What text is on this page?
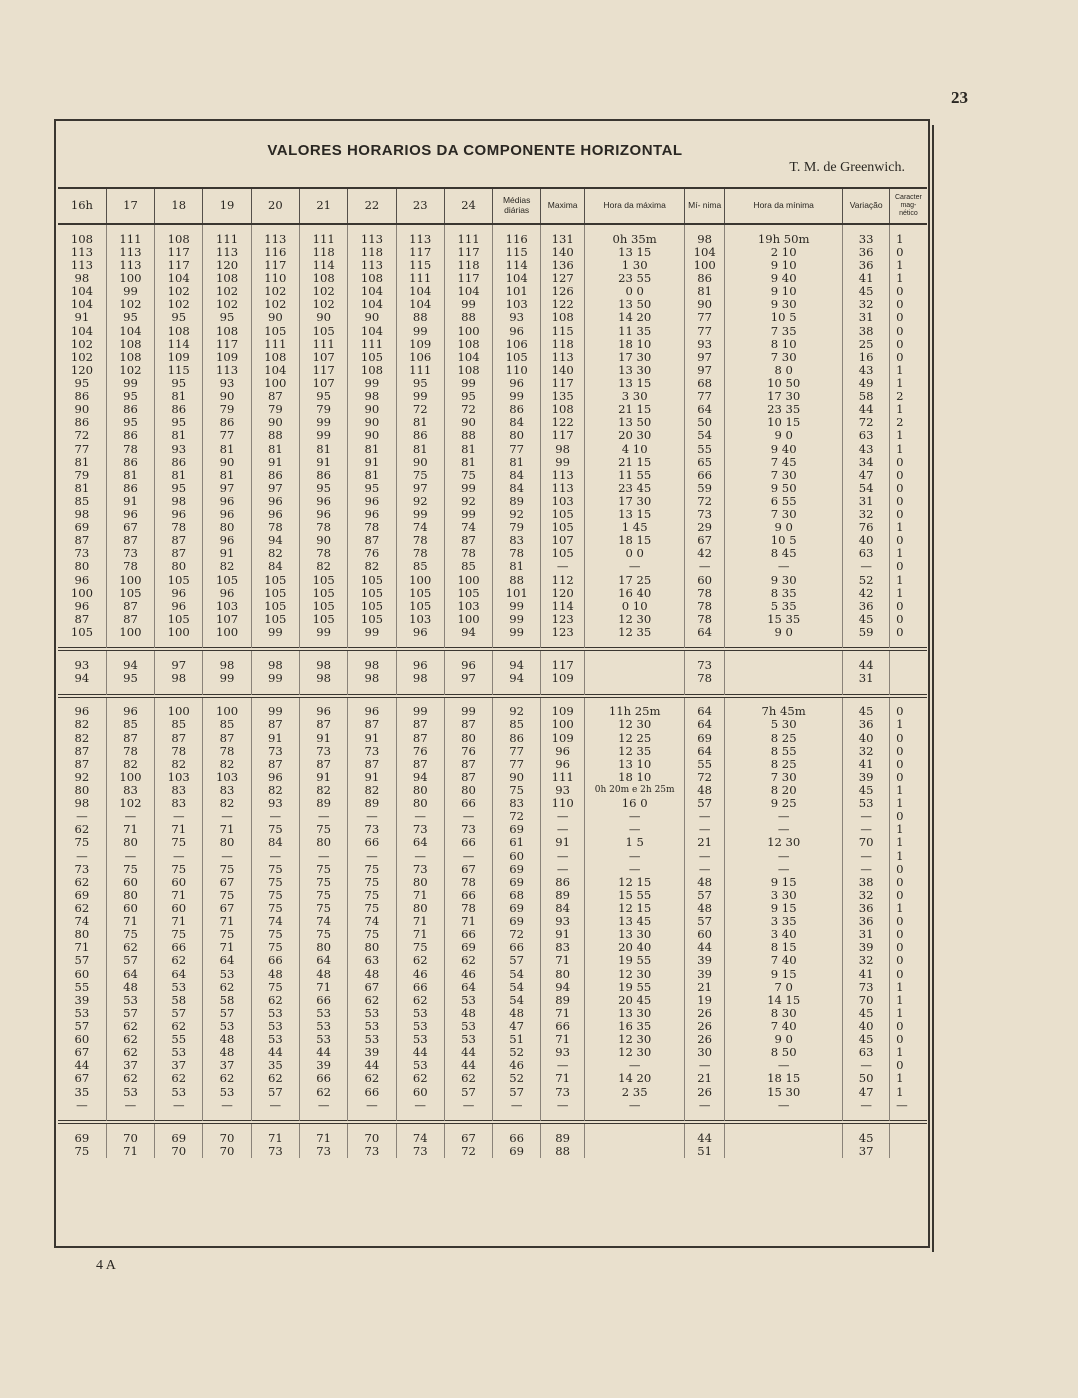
23
VALORES HORARIOS DA COMPONENTE HORIZONTAL
T. M. de Greenwich.
16h	17	18	19	20	21	22	23	24	Médias diárias	Maxima	Hora da máxima	Mí- nima	Hora da mínima	Variação	Caracter mag- nético

108	111	108	111	113	111	113	113	111	116	131	0h 35m	98	19h 50m	33	1
113	113	117	113	116	118	118	117	117	115	140	13 15	104	2 10	36	0
113	113	117	120	117	114	113	115	118	114	136	1 30	100	9 10	36	1
98	100	104	108	110	108	108	111	117	104	127	23 55	86	9 40	41	1
104	99	102	102	102	102	104	104	104	101	126	0 0	81	9 10	45	0
104	102	102	102	102	102	104	104	99	103	122	13 50	90	9 30	32	0
91	95	95	95	90	90	90	88	88	93	108	14 20	77	10 5	31	0
104	104	108	108	105	105	104	99	100	96	115	11 35	77	7 35	38	0
102	108	114	117	111	111	111	109	108	106	118	18 10	93	8 10	25	0
102	108	109	109	108	107	105	106	104	105	113	17 30	97	7 30	16	0
120	102	115	113	104	117	108	111	108	110	140	13 30	97	8 0	43	1
95	99	95	93	100	107	99	95	99	96	117	13 15	68	10 50	49	1
86	95	81	90	87	95	98	99	95	99	135	3 30	77	17 30	58	2
90	86	86	79	79	79	90	72	72	86	108	21 15	64	23 35	44	1
86	95	95	86	90	99	90	81	90	84	122	13 50	50	10 15	72	2
72	86	81	77	88	99	90	86	88	80	117	20 30	54	9 0	63	1
77	78	93	81	81	81	81	81	81	77	98	4 10	55	9 40	43	1
81	86	86	90	91	91	91	90	81	81	99	21 15	65	7 45	34	0
79	81	81	81	86	86	81	75	75	84	113	11 55	66	7 30	47	0
81	86	95	97	97	95	95	97	99	84	113	23 45	59	9 50	54	0
85	91	98	96	96	96	96	92	92	89	103	17 30	72	6 55	31	0
98	96	96	96	96	96	96	99	99	92	105	13 15	73	7 30	32	0
69	67	78	80	78	78	78	74	74	79	105	1 45	29	9 0	76	1
87	87	87	96	94	90	87	78	87	83	107	18 15	67	10 5	40	0
73	73	87	91	82	78	76	78	78	78	105	0 0	42	8 45	63	1
80	78	80	82	84	82	82	85	85	81	—	—	—	—	—	0
96	100	105	105	105	105	105	100	100	88	112	17 25	60	9 30	52	1
100	105	96	96	105	105	105	105	105	101	120	16 40	78	8 35	42	1
96	87	96	103	105	105	105	105	103	99	114	0 10	78	5 35	36	0
87	87	105	107	105	105	105	103	100	99	123	12 30	78	15 35	45	0
105	100	100	100	99	99	99	96	94	99	123	12 35	64	9 0	59	0

93	94	97	98	98	98	98	96	96	94	117		73		44	
94	95	98	99	99	98	98	98	97	94	109		78		31	

96	96	100	100	99	96	96	99	99	92	109	11h 25m	64	7h 45m	45	0
82	85	85	85	87	87	87	87	87	85	100	12 30	64	5 30	36	1
82	87	87	87	91	91	91	87	80	86	109	12 25	69	8 25	40	0
87	78	78	78	73	73	73	76	76	77	96	12 35	64	8 55	32	0
87	82	82	82	87	87	87	87	87	77	96	13 10	55	8 25	41	0
92	100	103	103	96	91	91	94	87	90	111	18 10	72	7 30	39	0
80	83	83	83	82	82	82	80	80	75	93	0h 20m e 2h 25m	48	8 20	45	1
98	102	83	82	93	89	89	80	66	83	110	16 0	57	9 25	53	1
—	—	—	—	—	—	—	—	—	72	—	—	—	—	—	0
62	71	71	71	75	75	73	73	73	69	—	—	—	—	—	1
75	80	75	80	84	80	66	64	66	61	91	1 5	21	12 30	70	1
—	—	—	—	—	—	—	—	—	60	—	—	—	—	—	1
73	75	75	75	75	75	75	73	67	69	—	—	—	—	—	0
62	60	60	67	75	75	75	80	78	69	86	12 15	48	9 15	38	0
69	80	71	75	75	75	75	71	66	68	89	15 55	57	3 30	32	0
62	60	60	67	75	75	75	80	78	69	84	12 15	48	9 15	36	1
74	71	71	71	74	74	74	71	71	69	93	13 45	57	3 35	36	0
80	75	75	75	75	75	75	71	66	72	91	13 30	60	3 40	31	0
71	62	66	71	75	80	80	75	69	66	83	20 40	44	8 15	39	0
57	57	62	64	66	64	63	62	62	57	71	19 55	39	7 40	32	0
60	64	64	53	48	48	48	46	46	54	80	12 30	39	9 15	41	0
55	48	53	62	75	71	67	66	64	54	94	19 55	21	7 0	73	1
39	53	58	58	62	66	62	62	53	54	89	20 45	19	14 15	70	1
53	57	57	57	53	53	53	53	48	48	71	13 30	26	8 30	45	1
57	62	62	53	53	53	53	53	53	47	66	16 35	26	7 40	40	0
60	62	55	48	53	53	53	53	53	51	71	12 30	26	9 0	45	0
67	62	53	48	44	44	39	44	44	52	93	12 30	30	8 50	63	1
44	37	37	37	35	39	44	53	44	46	—	—	—	—	—	0
67	62	62	62	62	66	62	62	62	52	71	14 20	21	18 15	50	1
35	53	53	53	57	62	66	60	57	57	73	2 35	26	15 30	47	1
—	—	—	—	—	—	—	—	—	—	—	—	—	—	—	—

69	70	69	70	71	71	70	74	67	66	89		44		45	
75	71	70	70	73	73	73	73	72	69	88		51		37	
4 A
